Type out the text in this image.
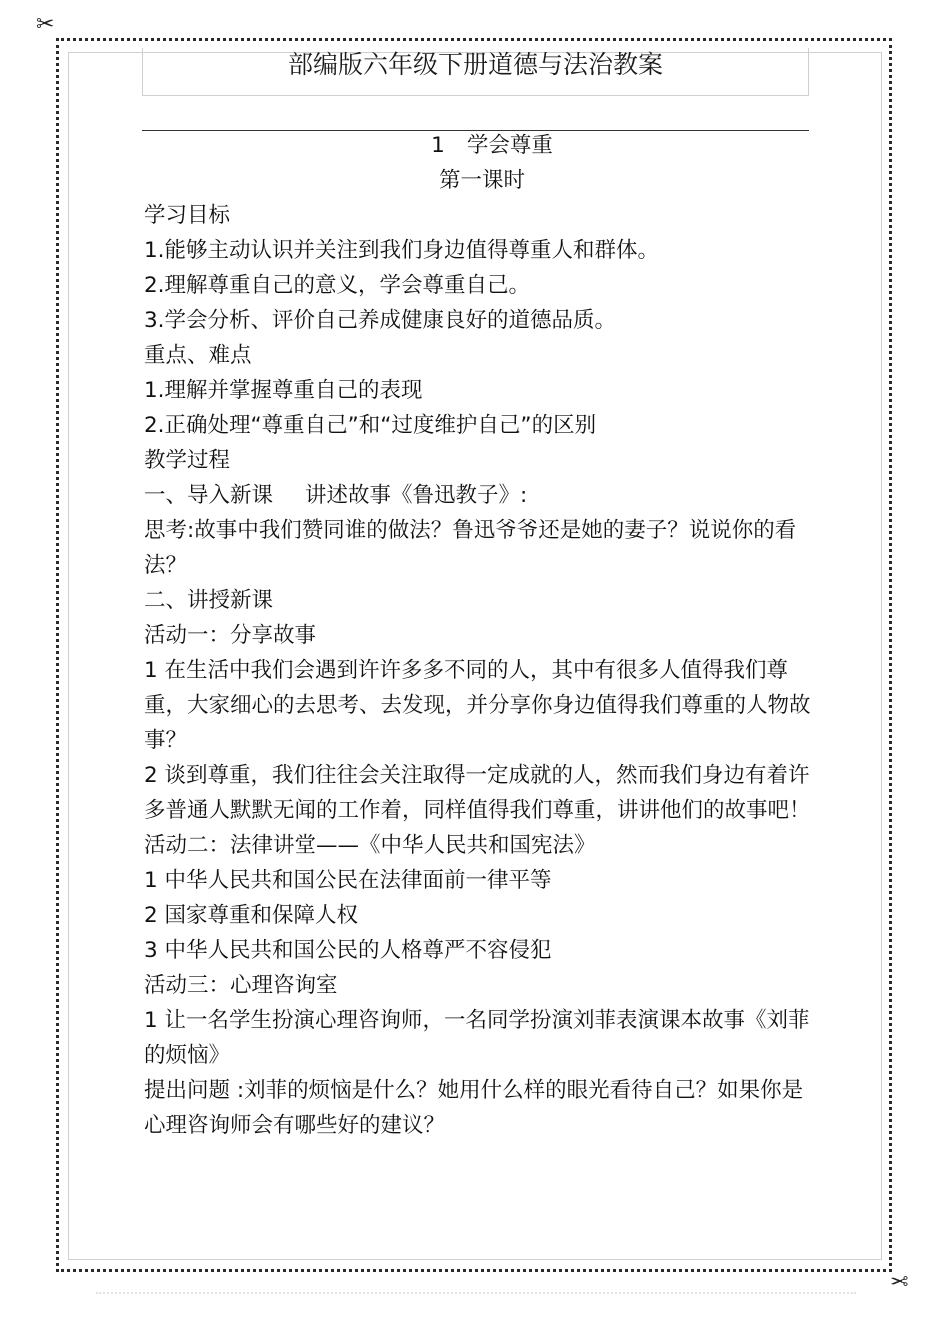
✂
✂
部编版六年级下册道德与法治教案

1 学会尊重

第一课时

学习目标

1.能够主动认识并关注到我们身边值得尊重人和群体。

2.理解尊重自己的意义，学会尊重自己。

3.学会分析、评价自己养成健康良好的道德品质。

重点、难点

1.理解并掌握尊重自己的表现

2.正确处理“尊重自己”和“过度维护自己”的区别

教学过程

一、导入新课 讲述故事《鲁迅教子》:

思考:故事中我们赞同谁的做法？鲁迅爷爷还是她的妻子？说说你的看法？

二、讲授新课

活动一：分享故事

1 在生活中我们会遇到许许多多不同的人，其中有很多人值得我们尊重，大家细心的去思考、去发现，并分享你身边值得我们尊重的人物故事？

2 谈到尊重，我们往往会关注取得一定成就的人，然而我们身边有着许多普通人默默无闻的工作着，同样值得我们尊重，讲讲他们的故事吧！

活动二：法律讲堂——《中华人民共和国宪法》

1 中华人民共和国公民在法律面前一律平等

2 国家尊重和保障人权

3 中华人民共和国公民的人格尊严不容侵犯

活动三：心理咨询室

1 让一名学生扮演心理咨询师，一名同学扮演刘菲表演课本故事《刘菲的烦恼》

提出问题 :刘菲的烦恼是什么？她用什么样的眼光看待自己？如果你是心理咨询师会有哪些好的建议？
